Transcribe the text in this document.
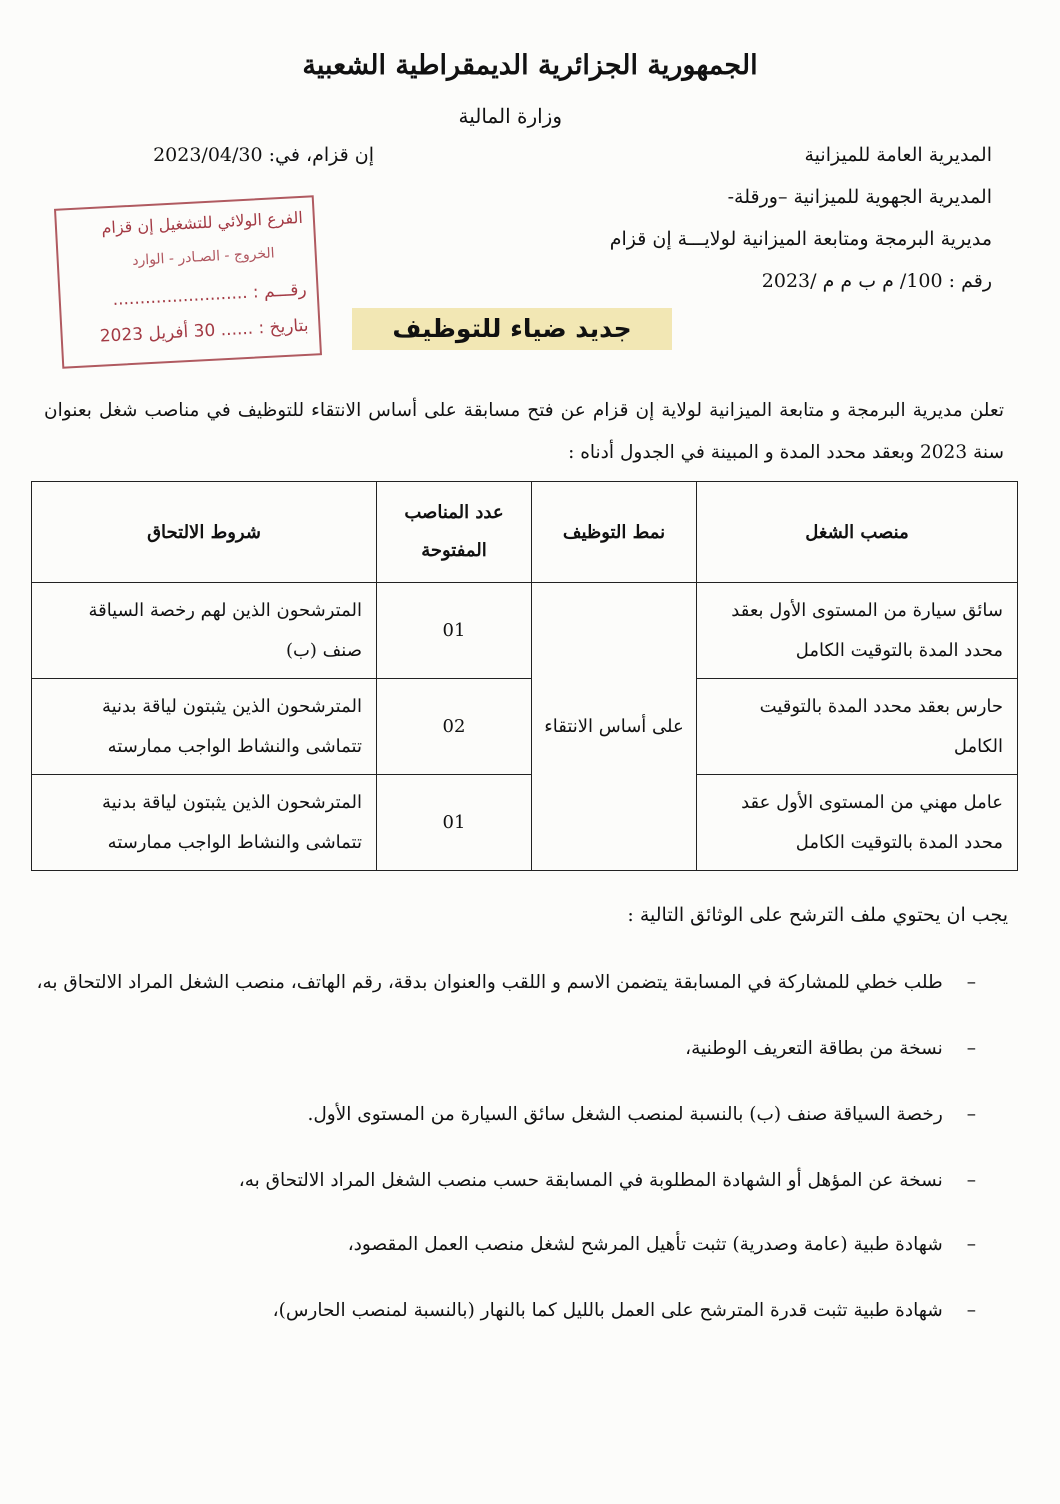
الجمهورية الجزائرية الديمقراطية الشعبية
وزارة المالية
المديرية العامة للميزانية
المديرية الجهوية للميزانية –ورقلة-
مديرية البرمجة ومتابعة الميزانية لولايـــة إن قزام
رقم : 100/ م ب م م /2023
إن قزام، في: 2023/04/30
الفرع الولائي للتشغيل إن قزام
الخروج - الصـادر - الوارد
رقـــم : .........................
بتاريخ : ...... 30 أفريل 2023	جديد ضياء للتوظيف
تعلن مديرية البرمجة و متابعة الميزانية لولاية إن قزام عن فتح مسابقة على أساس الانتقاء للتوظيف في مناصب شغل بعنوان سنة 2023 وبعقد محدد المدة و المبينة في الجدول أدناه :
منصب الشغل	نمط التوظيف	عدد المناصب المفتوحة	شروط الالتحاق
سائق سيارة من المستوى الأول بعقد محدد المدة بالتوقيت الكامل	على أساس الانتقاء	01	المترشحون الذين لهم رخصة السياقة صنف (ب)
حارس بعقد محدد المدة بالتوقيت الكامل		02	المترشحون الذين يثبتون لياقة بدنية تتماشى والنشاط الواجب ممارسته
عامل مهني من المستوى الأول عقد محدد المدة بالتوقيت الكامل		01	المترشحون الذين يثبتون لياقة بدنية تتماشى والنشاط الواجب ممارسته
يجب ان يحتوي ملف الترشح على الوثائق التالية :
–طلب خطي للمشاركة في المسابقة يتضمن الاسم و اللقب والعنوان بدقة، رقم الهاتف، منصب الشغل المراد الالتحاق به،
–نسخة من بطاقة التعريف الوطنية،
–رخصة السياقة صنف (ب) بالنسبة لمنصب الشغل سائق السيارة من المستوى الأول.
–نسخة عن المؤهل أو الشهادة المطلوبة في المسابقة حسب منصب الشغل المراد الالتحاق به،
–شهادة طبية (عامة وصدرية) تثبت تأهيل المرشح لشغل منصب العمل المقصود،
–شهادة طبية تثبت قدرة المترشح على العمل بالليل كما بالنهار (بالنسبة لمنصب الحارس)،
